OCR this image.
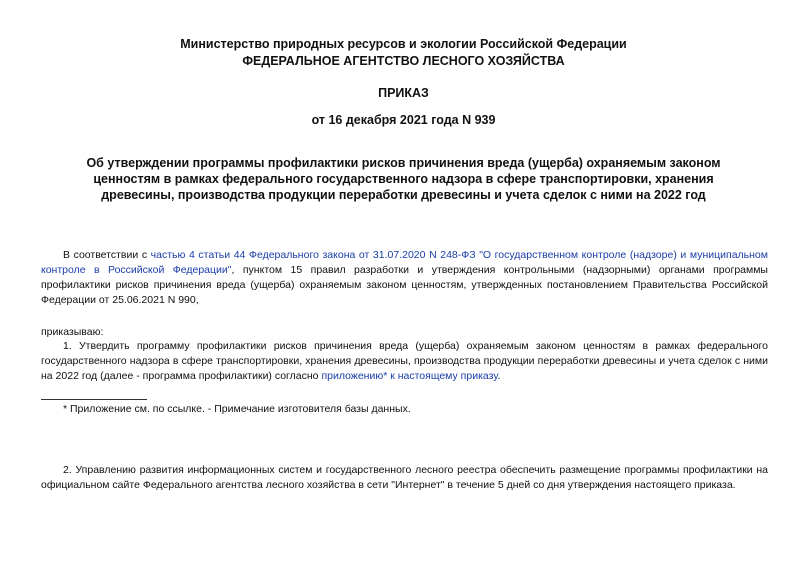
Министерство природных ресурсов и экологии Российской Федерации
ФЕДЕРАЛЬНОЕ АГЕНТСТВО ЛЕСНОГО ХОЗЯЙСТВА
ПРИКАЗ
от 16 декабря 2021 года N 939
Об утверждении программы профилактики рисков причинения вреда (ущерба) охраняемым законом
ценностям в рамках федерального государственного надзора в сфере транспортировки, хранения
древесины, производства продукции переработки древесины и учета сделок с ними на 2022 год
В соответствии с частью 4 статьи 44 Федерального закона от 31.07.2020 N 248-ФЗ "О государственном контроле (надзоре) и муниципальном контроле в Российской Федерации", пунктом 15 правил разработки и утверждения контрольными (надзорными) органами программы профилактики рисков причинения вреда (ущерба) охраняемым законом ценностям, утвержденных постановлением Правительства Российской Федерации от 25.06.2021 N 990,
приказываю:
1. Утвердить программу профилактики рисков причинения вреда (ущерба) охраняемым законом ценностям в рамках федерального государственного надзора в сфере транспортировки, хранения древесины, производства продукции переработки древесины и учета сделок с ними на 2022 год (далее - программа профилактики) согласно приложению* к настоящему приказу.
* Приложение см. по ссылке. - Примечание изготовителя базы данных.
2. Управлению развития информационных систем и государственного лесного реестра обеспечить размещение программы профилактики на официальном сайте Федерального агентства лесного хозяйства в сети "Интернет" в течение 5 дней со дня утверждения настоящего приказа.
